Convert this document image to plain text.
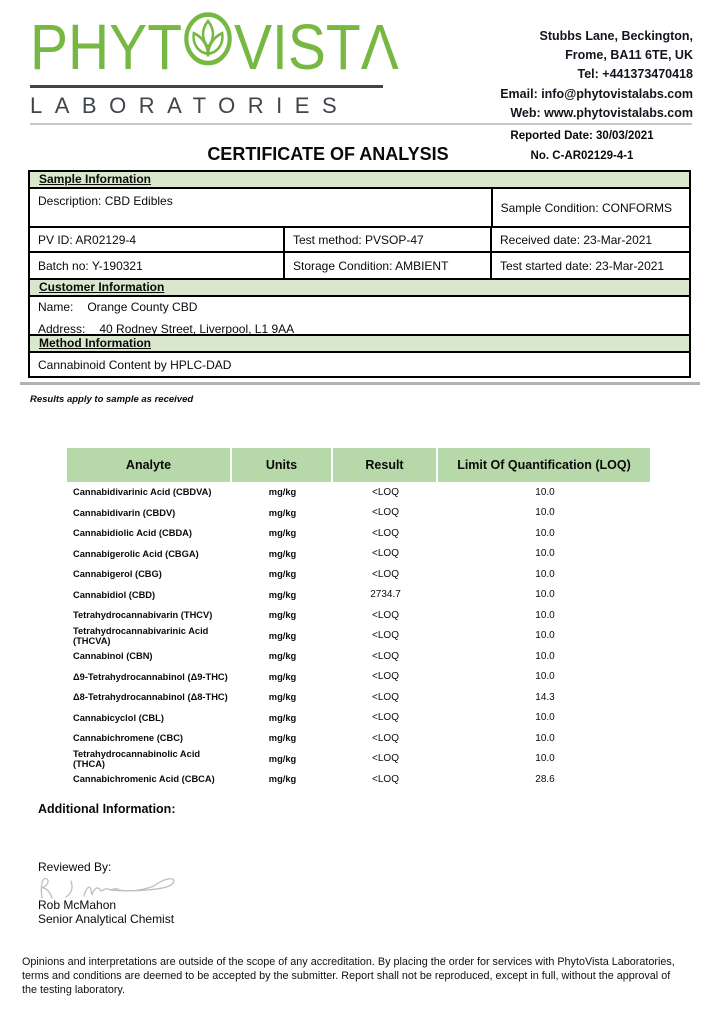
PHYT VIST Λ
LABORATORIES
Stubbs Lane, Beckington,
Frome, BA11 6TE, UK
Tel: +441373470418
Email: info@phytovistalabs.com
Web: www.phytovistalabs.com
Reported Date: 30/03/2021
No. C-AR02129-4-1
CERTIFICATE OF ANALYSIS
Sample Information
Description: CBD Edibles	Sample Condition: CONFORMS
PV ID: AR02129-4	Test method: PVSOP-47	Received date: 23-Mar-2021
Batch no: Y-190321	Storage Condition: AMBIENT	Test started date: 23-Mar-2021
Customer Information
Name: Orange County CBD
Address: 40 Rodney Street, Liverpool, L1 9AA
Method Information
Cannabinoid Content by HPLC-DAD
Results apply to sample as received
Analyte	Units	Result	Limit Of Quantification (LOQ)
Cannabidivarinic Acid (CBDVA)	mg/kg	<LOQ	10.0
Cannabidivarin (CBDV)	mg/kg	<LOQ	10.0
Cannabidiolic Acid (CBDA)	mg/kg	<LOQ	10.0
Cannabigerolic Acid (CBGA)	mg/kg	<LOQ	10.0
Cannabigerol (CBG)	mg/kg	<LOQ	10.0
Cannabidiol (CBD)	mg/kg	2734.7	10.0
Tetrahydrocannabivarin (THCV)	mg/kg	<LOQ	10.0
Tetrahydrocannabivarinic Acid (THCVA)	mg/kg	<LOQ	10.0
Cannabinol (CBN)	mg/kg	<LOQ	10.0
Δ9-Tetrahydrocannabinol (Δ9-THC)	mg/kg	<LOQ	10.0
Δ8-Tetrahydrocannabinol (Δ8-THC)	mg/kg	<LOQ	14.3
Cannabicyclol (CBL)	mg/kg	<LOQ	10.0
Cannabichromene (CBC)	mg/kg	<LOQ	10.0
Tetrahydrocannabinolic Acid (THCA)	mg/kg	<LOQ	10.0
Cannabichromenic Acid (CBCA)	mg/kg	<LOQ	28.6
Additional Information:
Reviewed By:
Rob McMahon
Senior Analytical Chemist
Opinions and interpretations are outside of the scope of any accreditation. By placing the order for services with PhytoVista Laboratories,
terms and conditions are deemed to be accepted by the submitter. Report shall not be reproduced, except in full, without the approval of
the testing laboratory.
